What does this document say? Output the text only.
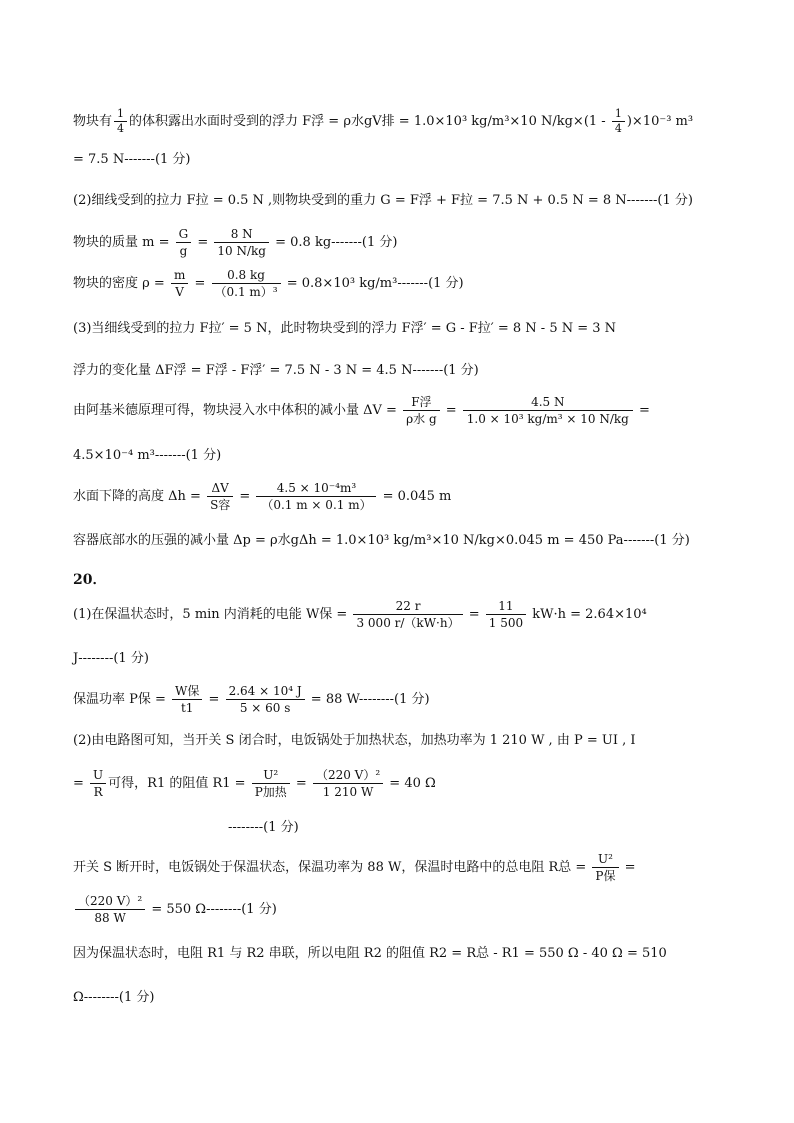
物块有 $\frac{1}{4}$ 的体积露出水面时受到的浮力 F浮 = ρ水gV排 = 1.0×10³ kg/m³×10 $N/kg\times(1 - \frac{1}{4} )\times 10^{-3}$ m³
= 7.5 N-------(1 分)
(2)细线受到的拉力 F拉 = 0.5 N ,则物块受到的重力 G = F浮 + F拉 = 7.5 N + 0.5 N = 8 N-------(1 分)
物块的质量 $m = \frac{G}{g} = \frac{8 N}{10 N/kg} = 0.8$ kg-------(1 分)
物块的密度 $\rho = \frac{m}{V} = \frac{0.8 kg}{\text{（0.1 m）³}} = 0.8\times 10^3$ kg/m³-------(1 分)
(3)当细线受到的拉力 F拉′ = 5 N，此时物块受到的浮力 F浮′ = G - F拉′ = 8 N - 5 N = 3 N
浮力的变化量 ΔF浮 = F浮 - F浮′ = 7.5 N - 3 N = 4.5 N-------(1 分)
由阿基米德原理可得，物块浸入水中体积的减小量 $\Delta V = \frac{\text{F浮}}{\text{ρ水 g}} = \frac{4.5 N}{\text{1.0 × 10³ kg/m³ × 10 N/kg}}$ =
4.5×10⁻⁴ m³-------(1 分)
水面下降的高度 $\Delta h = \frac{\Delta V}{\text{S容}} = \frac{\text{4.5 × 10⁻⁴m³}}{(0.1 m \times 0.1 m)} = 0.045$ m
容器底部水的压强的减小量 Δp = ρ水gΔh = 1.0×10³ kg/m³×10 N/kg×0.045 m = 450 Pa-------(1 分)
20．
(1)在保温状态时，5 min 内消耗的电能 W保 = $\frac{22 r}{3 000 r/(kW\cdot h)} = \frac{11}{1 500} kW\cdot h = 2.64\times 10^4$
J--------(1 分)
保温功率 P保 = $\frac{\text{W保}}{t1} = \frac{\text{2.64 × 10⁴ J}}{5 \times 60 s} = 88$ W--------(1 分)
(2)由电路图可知，当开关 S 闭合时，电饭锅处于加热状态，加热功率为 1 210 W , 由 P = UI , I
= $\frac{U}{R}$ 可得，R1 的阻值 $R1 = \frac{\text{U²}}{\text{P加热}} = \frac{\text{（220 V）²}}{1 210 W} = 40$ Ω
--------(1 分)
开关 S 断开时，电饭锅处于保温状态，保温功率为 88 W，保温时电路中的总电阻 R总 = $\frac{\text{U²}}{\text{P保}}$ =
$\frac{\text{（220 V）²}}{88 W} = 550$ Ω--------(1 分)
因为保温状态时，电阻 R1 与 R2 串联，所以电阻 R2 的阻值 R2 = R总 - R1 = 550 Ω - 40 Ω = 510
Ω--------(1 分)
